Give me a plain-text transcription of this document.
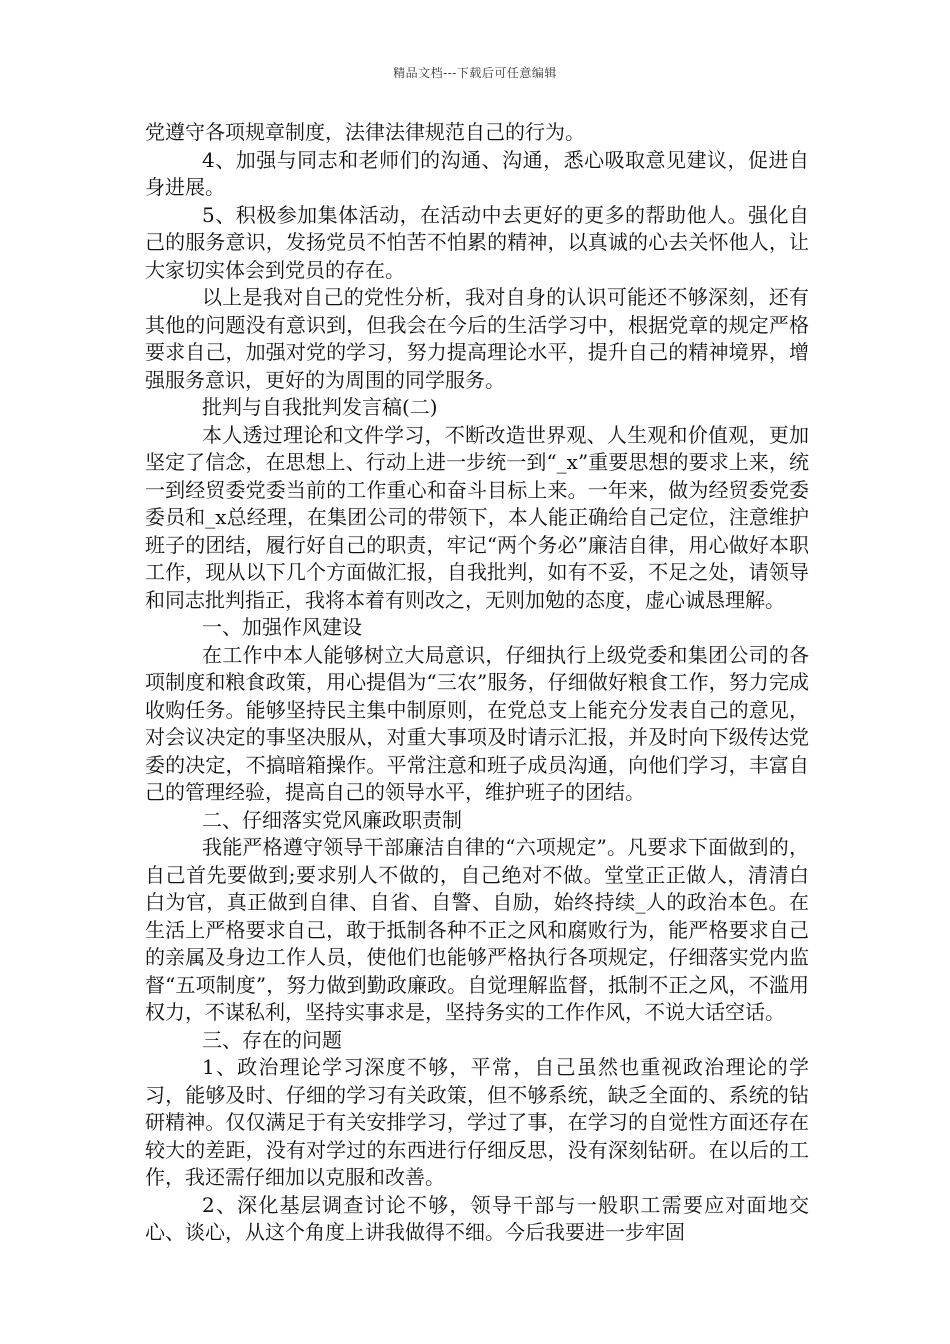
精品文档---下载后可任意编辑

党遵守各项规章制度，法律法律规范自己的行为。

4、加强与同志和老师们的沟通、沟通，悉心吸取意见建议，促进自身进展。

5、积极参加集体活动，在活动中去更好的更多的帮助他人。强化自己的服务意识，发扬党员不怕苦不怕累的精神，以真诚的心去关怀他人，让大家切实体会到党员的存在。

以上是我对自己的党性分析，我对自身的认识可能还不够深刻，还有其他的问题没有意识到，但我会在今后的生活学习中，根据党章的规定严格要求自己，加强对党的学习，努力提高理论水平，提升自己的精神境界，增强服务意识，更好的为周围的同学服务。

批判与自我批判发言稿(二)

本人透过理论和文件学习，不断改造世界观、人生观和价值观，更加坚定了信念，在思想上、行动上进一步统一到“_x”重要思想的要求上来，统一到经贸委党委当前的工作重心和奋斗目标上来。一年来，做为经贸委党委委员和_x总经理，在集团公司的带领下，本人能正确给自己定位，注意维护班子的团结，履行好自己的职责，牢记“两个务必”廉洁自律，用心做好本职工作，现从以下几个方面做汇报，自我批判，如有不妥，不足之处，请领导和同志批判指正，我将本着有则改之，无则加勉的态度，虚心诚恳理解。

一、加强作风建设

在工作中本人能够树立大局意识，仔细执行上级党委和集团公司的各项制度和粮食政策，用心提倡为“三农”服务，仔细做好粮食工作，努力完成收购任务。能够坚持民主集中制原则，在党总支上能充分发表自己的意见，对会议决定的事坚决服从，对重大事项及时请示汇报，并及时向下级传达党委的决定，不搞暗箱操作。平常注意和班子成员沟通，向他们学习，丰富自己的管理经验，提高自己的领导水平，维护班子的团结。

二、仔细落实党风廉政职责制

我能严格遵守领导干部廉洁自律的“六项规定”。凡要求下面做到的，自己首先要做到;要求别人不做的，自己绝对不做。堂堂正正做人，清清白白为官，真正做到自律、自省、自警、自励，始终持续_人的政治本色。在生活上严格要求自己，敢于抵制各种不正之风和腐败行为，能严格要求自己的亲属及身边工作人员，使他们也能够严格执行各项规定，仔细落实党内监督“五项制度”，努力做到勤政廉政。自觉理解监督，抵制不正之风，不滥用权力，不谋私利，坚持实事求是，坚持务实的工作作风，不说大话空话。

三、存在的问题

1、政治理论学习深度不够，平常，自己虽然也重视政治理论的学习，能够及时、仔细的学习有关政策，但不够系统，缺乏全面的、系统的钻研精神。仅仅满足于有关安排学习，学过了事，在学习的自觉性方面还存在较大的差距，没有对学过的东西进行仔细反思，没有深刻钻研。在以后的工作，我还需仔细加以克服和改善。

2、深化基层调查讨论不够，领导干部与一般职工需要应对面地交心、谈心，从这个角度上讲我做得不细。今后我要进一步牢固
